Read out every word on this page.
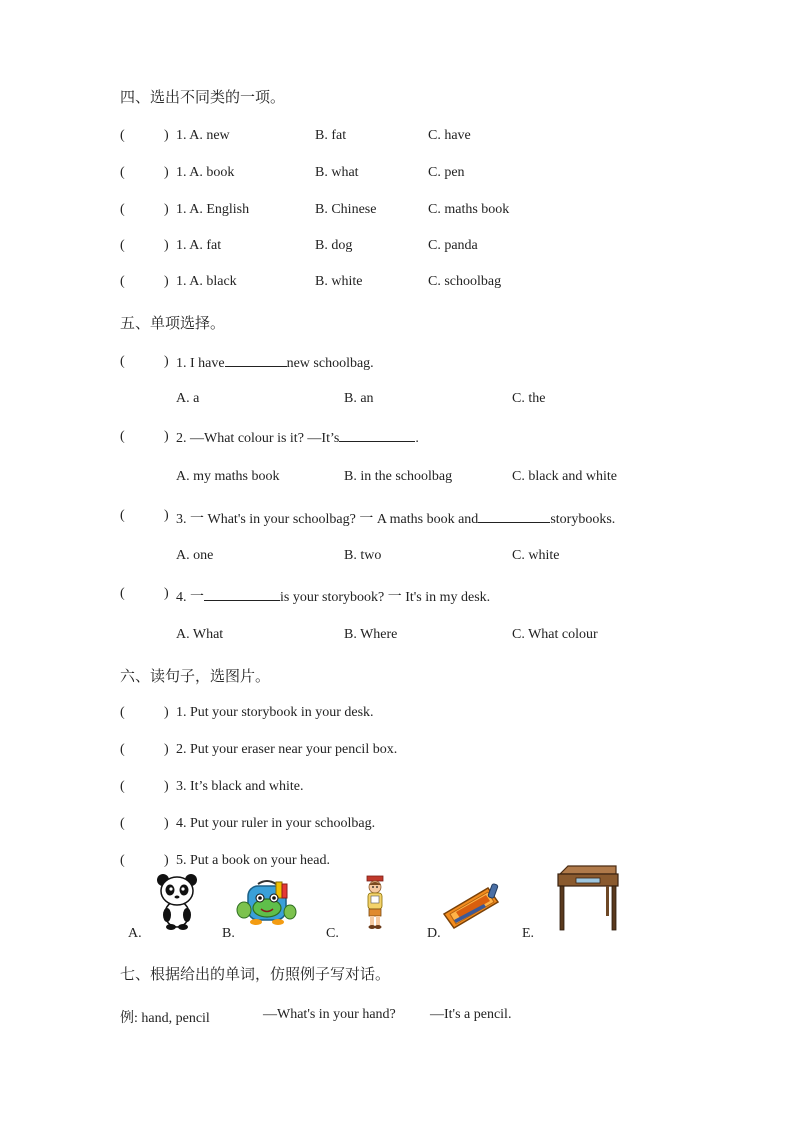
四、选出不同类的一项。
(	) 1. A. new	B. fat	C. have
(	) 1. A. book	B. what	C. pen
(	) 1. A. English	B. Chinese	C. maths book
(	) 1. A. fat	B. dog	C. panda
(	) 1. A. black	B. white	C. schoolbag
五、单项选择。
(	) 1. I have	new schoolbag.
A. a	B. an	C. the
(	) 2. —What colour is it? —It’s	.
A. my maths book	B. in the schoolbag	C. black and white
(	) 3. 一 What's in your schoolbag? 一 A maths book and	storybooks.
A. one	B. two	C. white
(	) 4. 一	is your storybook? 一 It's in my desk.
A. What	B. Where	C. What colour
六、读句子，选图片。
(	) 1. Put your storybook in your desk.
(	) 2. Put your eraser near your pencil box.
(	) 3. It’s black and white.
(	) 4. Put your ruler in your schoolbag.
(	) 5. Put a book on your head.
A.	B.	C.	D.	E.
七、根据给出的单词，仿照例子写对话。
例: hand, pencil	—What's in your hand? —It's a pencil.
